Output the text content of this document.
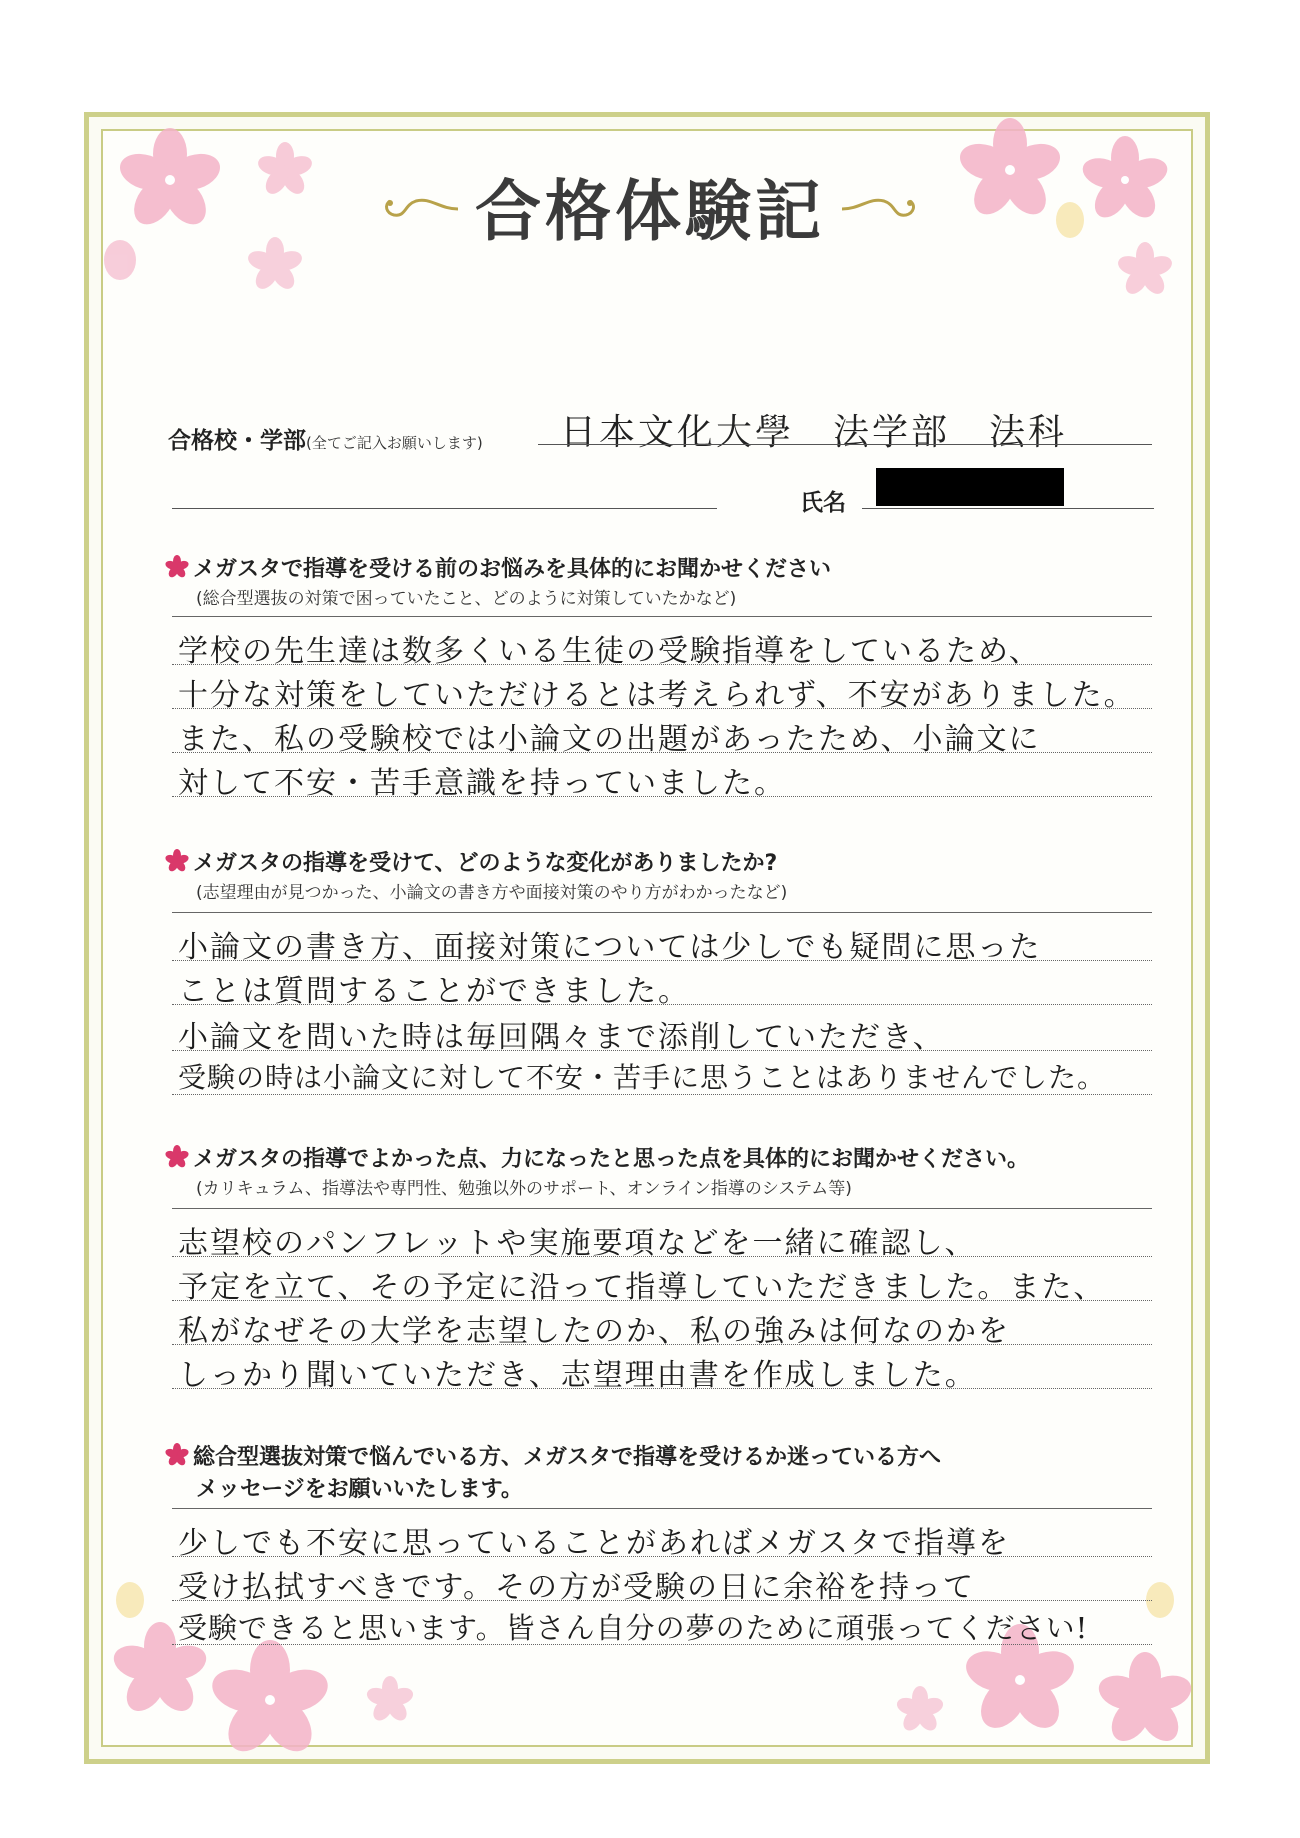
合格体験記
合格校・学部(全てご記入お願いします) 日本文化大學　法学部　法科
氏名
メガスタで指導を受ける前のお悩みを具体的にお聞かせください
(総合型選抜の対策で困っていたこと、どのように対策していたかなど)
学校の先生達は数多くいる生徒の受験指導をしているため、
十分な対策をしていただけるとは考えられず、不安がありました。
また、私の受験校では小論文の出題があったため、小論文に
対して不安・苦手意識を持っていました。
メガスタの指導を受けて、どのような変化がありましたか?
(志望理由が見つかった、小論文の書き方や面接対策のやり方がわかったなど)
小論文の書き方、面接対策については少しでも疑問に思った
ことは質問することができました。
小論文を問いた時は毎回隅々まで添削していただき、
受験の時は小論文に対して不安・苦手に思うことはありませんでした。
メガスタの指導でよかった点、力になったと思った点を具体的にお聞かせください。
(カリキュラム、指導法や専門性、勉強以外のサポート、オンライン指導のシステム等)
志望校のパンフレットや実施要項などを一緒に確認し、
予定を立て、その予定に沿って指導していただきました。また、
私がなぜその大学を志望したのか、私の強みは何なのかを
しっかり聞いていただき、志望理由書を作成しました。
総合型選抜対策で悩んでいる方、メガスタで指導を受けるか迷っている方へ
メッセージをお願いいたします。
少しでも不安に思っていることがあればメガスタで指導を
受け払拭すべきです。その方が受験の日に余裕を持って
受験できると思います。皆さん自分の夢のために頑張ってください!
